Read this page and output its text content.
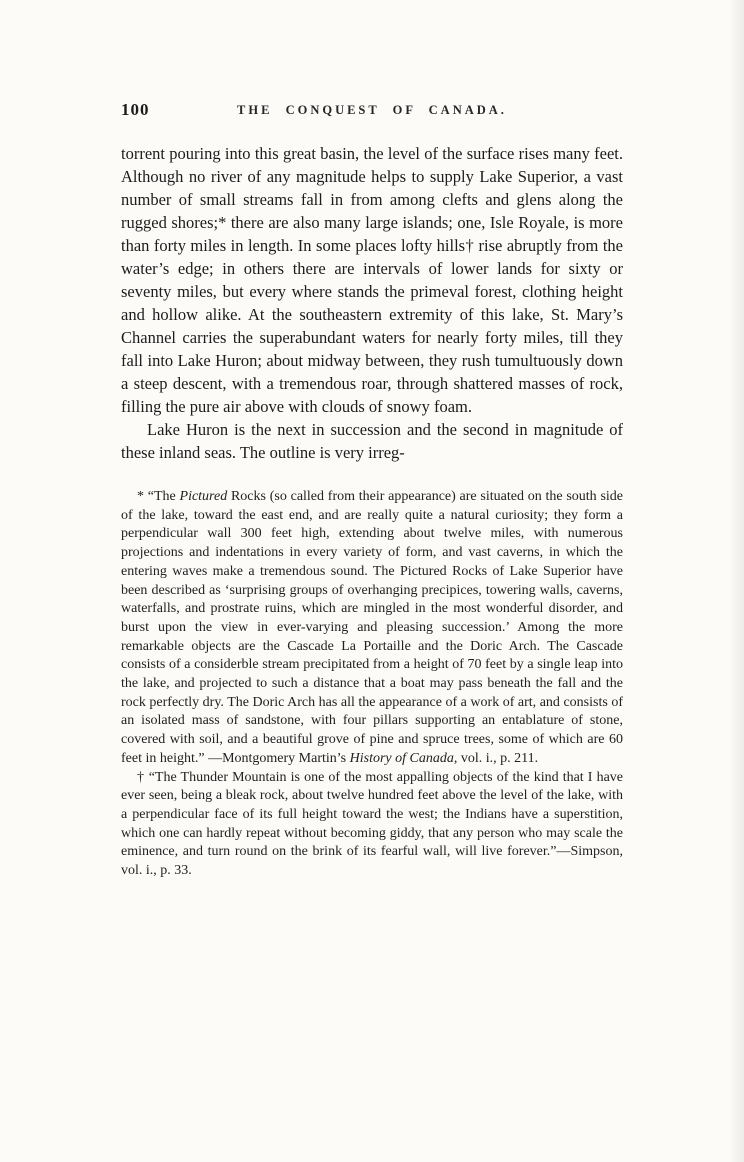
100	THE CONQUEST OF CANADA.

torrent pouring into this great basin, the level of the surface rises many feet. Although no river of any magnitude helps to supply Lake Superior, a vast number of small streams fall in from among clefts and glens along the rugged shores;* there are also many large islands; one, Isle Royale, is more than forty miles in length. In some places lofty hills† rise abruptly from the water’s edge; in others there are intervals of lower lands for sixty or seventy miles, but every where stands the primeval forest, clothing height and hollow alike. At the southeastern extremity of this lake, St. Mary’s Channel carries the superabundant waters for nearly forty miles, till they fall into Lake Huron; about midway between, they rush tumultuously down a steep descent, with a tremendous roar, through shattered masses of rock, filling the pure air above with clouds of snowy foam.

Lake Huron is the next in succession and the second in magnitude of these inland seas. The outline is very irreg-

* “The Pictured Rocks (so called from their appearance) are situated on the south side of the lake, toward the east end, and are really quite a natural curiosity; they form a perpendicular wall 300 feet high, extending about twelve miles, with numerous projections and indentations in every variety of form, and vast caverns, in which the entering waves make a tremendous sound. The Pictured Rocks of Lake Superior have been described as ‘surprising groups of overhanging precipices, towering walls, caverns, waterfalls, and prostrate ruins, which are mingled in the most wonderful disorder, and burst upon the view in ever-varying and pleasing succession.’ Among the more remarkable objects are the Cascade La Portaille and the Doric Arch. The Cascade consists of a considerble stream precipitated from a height of 70 feet by a single leap into the lake, and projected to such a distance that a boat may pass beneath the fall and the rock perfectly dry. The Doric Arch has all the appearance of a work of art, and consists of an isolated mass of sandstone, with four pillars supporting an entablature of stone, covered with soil, and a beautiful grove of pine and spruce trees, some of which are 60 feet in height.” —Montgomery Martin’s History of Canada, vol. i., p. 211.

† “The Thunder Mountain is one of the most appalling objects of the kind that I have ever seen, being a bleak rock, about twelve hundred feet above the level of the lake, with a perpendicular face of its full height toward the west; the Indians have a superstition, which one can hardly repeat without becoming giddy, that any person who may scale the eminence, and turn round on the brink of its fearful wall, will live forever.”—Simpson, vol. i., p. 33.
